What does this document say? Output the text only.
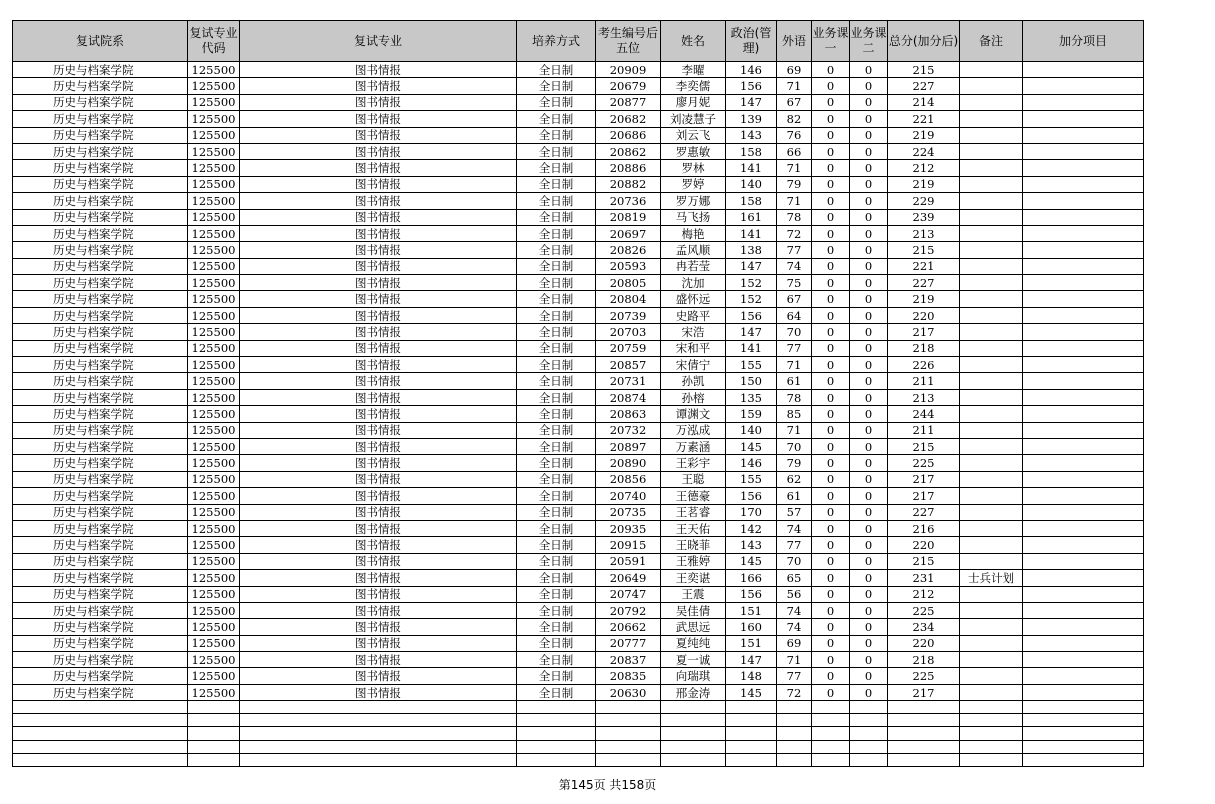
复试院系	复试专业代码	复试专业	培养方式	考生编号后五位	姓名	政治(管理)	外语	业务课一	业务课二	总分(加分后)	备注	加分项目
历史与档案学院	125500	图书情报	全日制	20909	李曜	146	69	0	0	215		
历史与档案学院	125500	图书情报	全日制	20679	李奕儒	156	71	0	0	227		
历史与档案学院	125500	图书情报	全日制	20877	廖月妮	147	67	0	0	214		
历史与档案学院	125500	图书情报	全日制	20682	刘凌慧子	139	82	0	0	221		
历史与档案学院	125500	图书情报	全日制	20686	刘云飞	143	76	0	0	219		
历史与档案学院	125500	图书情报	全日制	20862	罗惠敏	158	66	0	0	224		
历史与档案学院	125500	图书情报	全日制	20886	罗林	141	71	0	0	212		
历史与档案学院	125500	图书情报	全日制	20882	罗婷	140	79	0	0	219		
历史与档案学院	125500	图书情报	全日制	20736	罗万娜	158	71	0	0	229		
历史与档案学院	125500	图书情报	全日制	20819	马飞扬	161	78	0	0	239		
历史与档案学院	125500	图书情报	全日制	20697	梅艳	141	72	0	0	213		
历史与档案学院	125500	图书情报	全日制	20826	孟风顺	138	77	0	0	215		
历史与档案学院	125500	图书情报	全日制	20593	冉若莹	147	74	0	0	221		
历史与档案学院	125500	图书情报	全日制	20805	沈加	152	75	0	0	227		
历史与档案学院	125500	图书情报	全日制	20804	盛怀远	152	67	0	0	219		
历史与档案学院	125500	图书情报	全日制	20739	史路平	156	64	0	0	220		
历史与档案学院	125500	图书情报	全日制	20703	宋浩	147	70	0	0	217		
历史与档案学院	125500	图书情报	全日制	20759	宋和平	141	77	0	0	218		
历史与档案学院	125500	图书情报	全日制	20857	宋倩宁	155	71	0	0	226		
历史与档案学院	125500	图书情报	全日制	20731	孙凯	150	61	0	0	211		
历史与档案学院	125500	图书情报	全日制	20874	孙榕	135	78	0	0	213		
历史与档案学院	125500	图书情报	全日制	20863	谭渊文	159	85	0	0	244		
历史与档案学院	125500	图书情报	全日制	20732	万泓成	140	71	0	0	211		
历史与档案学院	125500	图书情报	全日制	20897	万素涵	145	70	0	0	215		
历史与档案学院	125500	图书情报	全日制	20890	王彩宇	146	79	0	0	225		
历史与档案学院	125500	图书情报	全日制	20856	王聪	155	62	0	0	217		
历史与档案学院	125500	图书情报	全日制	20740	王德豪	156	61	0	0	217		
历史与档案学院	125500	图书情报	全日制	20735	王茗睿	170	57	0	0	227		
历史与档案学院	125500	图书情报	全日制	20935	王天佑	142	74	0	0	216		
历史与档案学院	125500	图书情报	全日制	20915	王晓菲	143	77	0	0	220		
历史与档案学院	125500	图书情报	全日制	20591	王雅婷	145	70	0	0	215		
历史与档案学院	125500	图书情报	全日制	20649	王奕谌	166	65	0	0	231	士兵计划	
历史与档案学院	125500	图书情报	全日制	20747	王震	156	56	0	0	212		
历史与档案学院	125500	图书情报	全日制	20792	吴佳倩	151	74	0	0	225		
历史与档案学院	125500	图书情报	全日制	20662	武思远	160	74	0	0	234		
历史与档案学院	125500	图书情报	全日制	20777	夏纯纯	151	69	0	0	220		
历史与档案学院	125500	图书情报	全日制	20837	夏一诚	147	71	0	0	218		
历史与档案学院	125500	图书情报	全日制	20835	向瑞琪	148	77	0	0	225		
历史与档案学院	125500	图书情报	全日制	20630	邢金涛	145	72	0	0	217		

第145页 共158页
